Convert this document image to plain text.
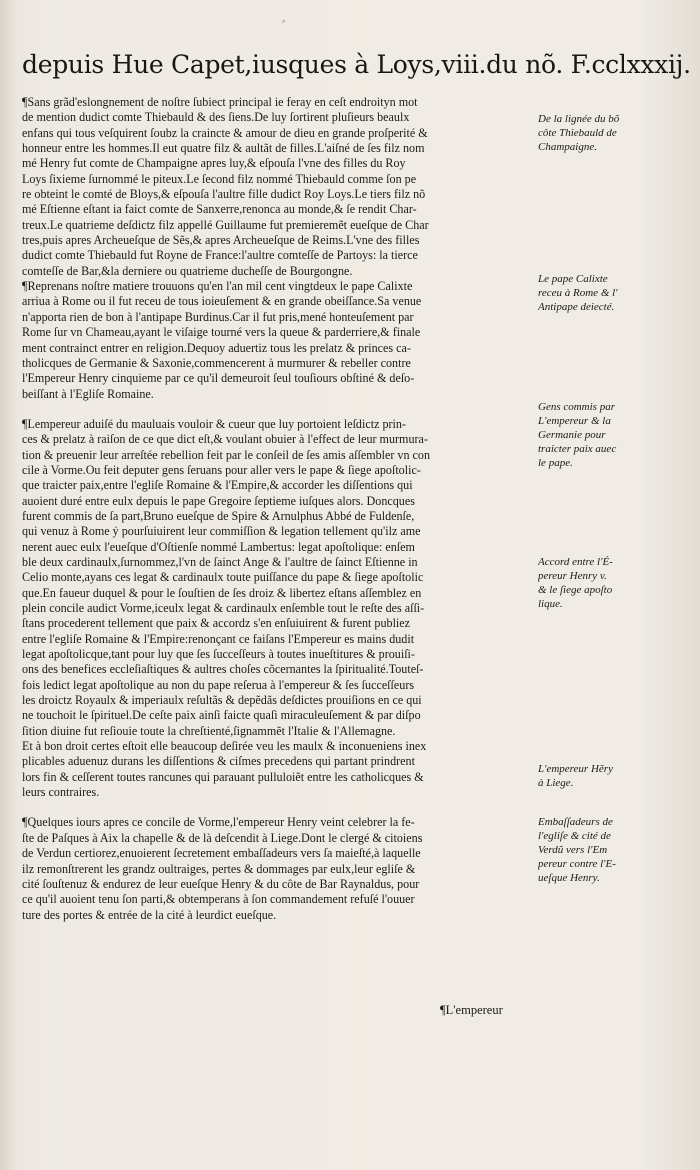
⸗
depuis Hue Capet,iusques à Loys,viii.du nõ. F.cclxxxij.

¶Sans grãd'eslongnement de noſtre ſubiect principal ie feray en ceſt endroityn mot
de mention dudict comte Thiebauld & des ſiens.De luy ſortirent pluſieurs beaulx
enfans qui tous veſquirent ſoubz la craincte & amour de dieu en grande proſperité &
honneur entre les hommes.Il eut quatre filz & aultãt de filles.L'aiſné de ſes filz nom
mé Henry fut comte de Champaigne apres luy,& eſpouſa l'vne des filles du Roy
Loys ſixieme ſurnommé le piteux.Le ſecond filz nommé Thiebauld comme ſon pe
re obteint le comté de Bloys,& eſpouſa l'aultre fille dudict Roy Loys.Le tiers filz nõ
mé Eſtienne eſtant ia faict comte de Sanxerre,renonca au monde,& ſe rendit Char-
treux.Le quatrieme deſdictz filz appellé Guillaume fut premieremẽt eueſque de Char
tres,puis apres Archeueſque de Sẽs,& apres Archeueſque de Reims.L'vne des filles
dudict comte Thiebauld fut Royne de France:l'aultre comteſſe de Partoys: la tierce
comteſſe de Bar,&la derniere ou quatrieme ducheſſe de Bourgongne.

¶Reprenans noſtre matiere trouuons qu'en l'an mil cent vingtdeux le pape Calixte
arriua à Rome ou il fut receu de tous ioieuſement & en grande obeiſſance.Sa venue
n'apporta rien de bon à l'antipape Burdinus.Car il fut pris,mené honteuſement par
Rome ſur vn Chameau,ayant le viſaige tourné vers la queue & parderriere,& finale
ment contrainct entrer en religion.Dequoy aduertiz tous les prelatz & princes ca-
tholicques de Germanie & Saxonie,commencerent à murmurer & rebeller contre
l'Empereur Henry cinquieme par ce qu'il demeuroit ſeul touſiours obſtiné & deſo-
beiſſant à l'Egliſe Romaine.

¶Lempereur aduiſé du mauluais vouloir & cueur que luy portoient leſdictz prin-
ces & prelatz à raiſon de ce que dict eſt,& voulant obuier à l'effect de leur murmura-
tion & preuenir leur arreſtée rebellion feit par le conſeil de ſes amis aſſembler vn con
cile à Vorme.Ou feit deputer gens ſeruans pour aller vers le pape & ſiege apoſtolic-
que traicter paix,entre l'egliſe Romaine & l'Empire,& accorder les diſſentions qui
auoient duré entre eulx depuis le pape Gregoire ſeptieme iuſques alors. Doncques
furent commis de ſa part,Bruno eueſque de Spire & Arnulphus Abbé de Fuldenſe,
qui venuz à Rome ẏ pourſuiuirent leur commiſſion & legation tellement qu'ilz ame
nerent auec eulx l'eueſque d'Oſtienſe nommé Lambertus: legat apoſtolique: enſem
ble deux cardinaulx,ſurnommez,l'vn de ſainct Ange & l'aultre de ſainct Eſtienne in
Celio monte,ayans ces legat & cardinaulx toute puiſſance du pape & ſiege apoſtolic
que.En faueur duquel & pour le ſouſtien de ſes droiz & libertez eſtans aſſemblez en
plein concile audict Vorme,iceulx legat & cardinaulx enſemble tout le reſte des aſſi-
ſtans procederent tellement que paix & accordz s'en enſuiuirent & furent publiez
entre l'egliſe Romaine & l'Empire:renonçant ce faiſans l'Empereur es mains dudit
legat apoſtolicque,tant pour luy que ſes ſucceſſeurs à toutes inueſtitures & prouiſi-
ons des benefices eccleſiaſtiques & aultres choſes cõcernantes la ſpiritualité.Touteſ-
fois ledict legat apoſtolique au non du pape reſerua à l'empereur & ſes ſucceſſeurs
les droictz Royaulx & imperiaulx reſultãs & depẽdãs deſdictes prouiſions en ce qui
ne touchoit le ſpirituel.De ceſte paix ainſi faicte quaſi miraculeuſement & par diſpo
ſition diuine fut reſiouie toute la chreſtienté,ſignammẽt l'Italie & l'Allemagne.
Et à bon droit certes eſtoit elle beaucoup deſirée veu les maulx & inconueniens inex
plicables aduenuz durans les diſſentions & ciſmes precedens qui partant prindrent
lors fin & ceſſerent toutes rancunes qui parauant pulluloiẽt entre les catholicques &
leurs contraires.

¶Quelques iours apres ce concile de Vorme,l'empereur Henry veint celebrer la fe-
ſte de Paſques à Aix la chapelle & de là deſcendit à Liege.Dont le clergé & citoiens
de Verdun certiorez,enuoierent ſecretement embaſſadeurs vers ſa maieſté,à laquelle
ilz remonſtrerent les grandz oultraiges, pertes & dommages par eulx,leur egliſe &
cité ſouſtenuz & endurez de leur eueſque Henry & du côte de Bar Raynaldus, pour
ce qu'il auoient tenu ſon parti,& obtemperans à ſon commandement refuſé l'ouuer
ture des portes & entrée de la cité à leurdict eueſque.

De la lignée du bõ
côte Thiebauld de
Champaigne.
Le pape Calixte
receu à Rome & l'
Antipape deiecté.
Gens commis par
L'empereur & la
Germanie pour
traicter paix auec
le pape.
Accord entre l'É-
pereur Henry v.
& le ſiege apoſto
lique.
L'empereur Hẽry
à Liege.
Embaſſadeurs de
l'egliſe & cité de
Verdũ vers l'Em
pereur contre l'E-
ueſque Henry.
¶L'empereur
